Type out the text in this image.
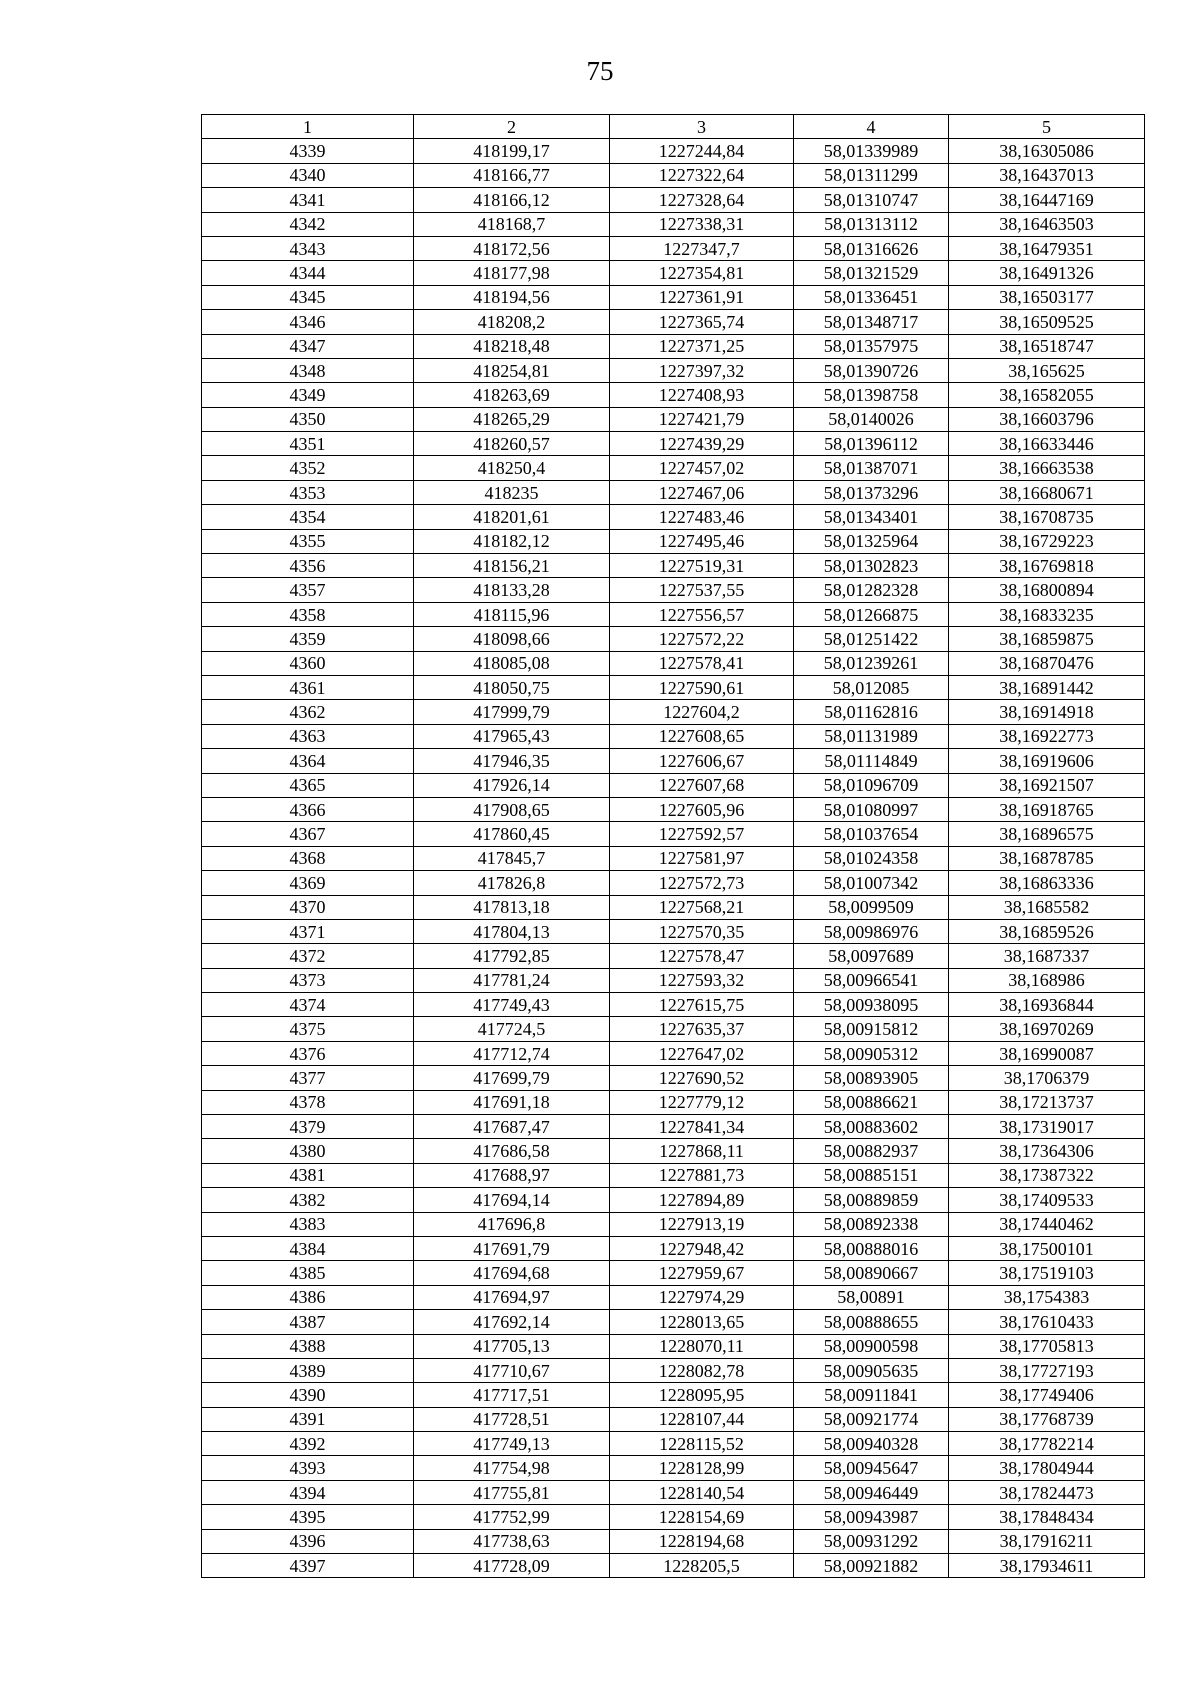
75
1	2	3	4	5
4339	418199,17	1227244,84	58,01339989	38,16305086
4340	418166,77	1227322,64	58,01311299	38,16437013
4341	418166,12	1227328,64	58,01310747	38,16447169
4342	418168,7	1227338,31	58,01313112	38,16463503
4343	418172,56	1227347,7	58,01316626	38,16479351
4344	418177,98	1227354,81	58,01321529	38,16491326
4345	418194,56	1227361,91	58,01336451	38,16503177
4346	418208,2	1227365,74	58,01348717	38,16509525
4347	418218,48	1227371,25	58,01357975	38,16518747
4348	418254,81	1227397,32	58,01390726	38,165625
4349	418263,69	1227408,93	58,01398758	38,16582055
4350	418265,29	1227421,79	58,0140026	38,16603796
4351	418260,57	1227439,29	58,01396112	38,16633446
4352	418250,4	1227457,02	58,01387071	38,16663538
4353	418235	1227467,06	58,01373296	38,16680671
4354	418201,61	1227483,46	58,01343401	38,16708735
4355	418182,12	1227495,46	58,01325964	38,16729223
4356	418156,21	1227519,31	58,01302823	38,16769818
4357	418133,28	1227537,55	58,01282328	38,16800894
4358	418115,96	1227556,57	58,01266875	38,16833235
4359	418098,66	1227572,22	58,01251422	38,16859875
4360	418085,08	1227578,41	58,01239261	38,16870476
4361	418050,75	1227590,61	58,012085	38,16891442
4362	417999,79	1227604,2	58,01162816	38,16914918
4363	417965,43	1227608,65	58,01131989	38,16922773
4364	417946,35	1227606,67	58,01114849	38,16919606
4365	417926,14	1227607,68	58,01096709	38,16921507
4366	417908,65	1227605,96	58,01080997	38,16918765
4367	417860,45	1227592,57	58,01037654	38,16896575
4368	417845,7	1227581,97	58,01024358	38,16878785
4369	417826,8	1227572,73	58,01007342	38,16863336
4370	417813,18	1227568,21	58,0099509	38,1685582
4371	417804,13	1227570,35	58,00986976	38,16859526
4372	417792,85	1227578,47	58,0097689	38,1687337
4373	417781,24	1227593,32	58,00966541	38,168986
4374	417749,43	1227615,75	58,00938095	38,16936844
4375	417724,5	1227635,37	58,00915812	38,16970269
4376	417712,74	1227647,02	58,00905312	38,16990087
4377	417699,79	1227690,52	58,00893905	38,1706379
4378	417691,18	1227779,12	58,00886621	38,17213737
4379	417687,47	1227841,34	58,00883602	38,17319017
4380	417686,58	1227868,11	58,00882937	38,17364306
4381	417688,97	1227881,73	58,00885151	38,17387322
4382	417694,14	1227894,89	58,00889859	38,17409533
4383	417696,8	1227913,19	58,00892338	38,17440462
4384	417691,79	1227948,42	58,00888016	38,17500101
4385	417694,68	1227959,67	58,00890667	38,17519103
4386	417694,97	1227974,29	58,00891	38,1754383
4387	417692,14	1228013,65	58,00888655	38,17610433
4388	417705,13	1228070,11	58,00900598	38,17705813
4389	417710,67	1228082,78	58,00905635	38,17727193
4390	417717,51	1228095,95	58,00911841	38,17749406
4391	417728,51	1228107,44	58,00921774	38,17768739
4392	417749,13	1228115,52	58,00940328	38,17782214
4393	417754,98	1228128,99	58,00945647	38,17804944
4394	417755,81	1228140,54	58,00946449	38,17824473
4395	417752,99	1228154,69	58,00943987	38,17848434
4396	417738,63	1228194,68	58,00931292	38,17916211
4397	417728,09	1228205,5	58,00921882	38,17934611
